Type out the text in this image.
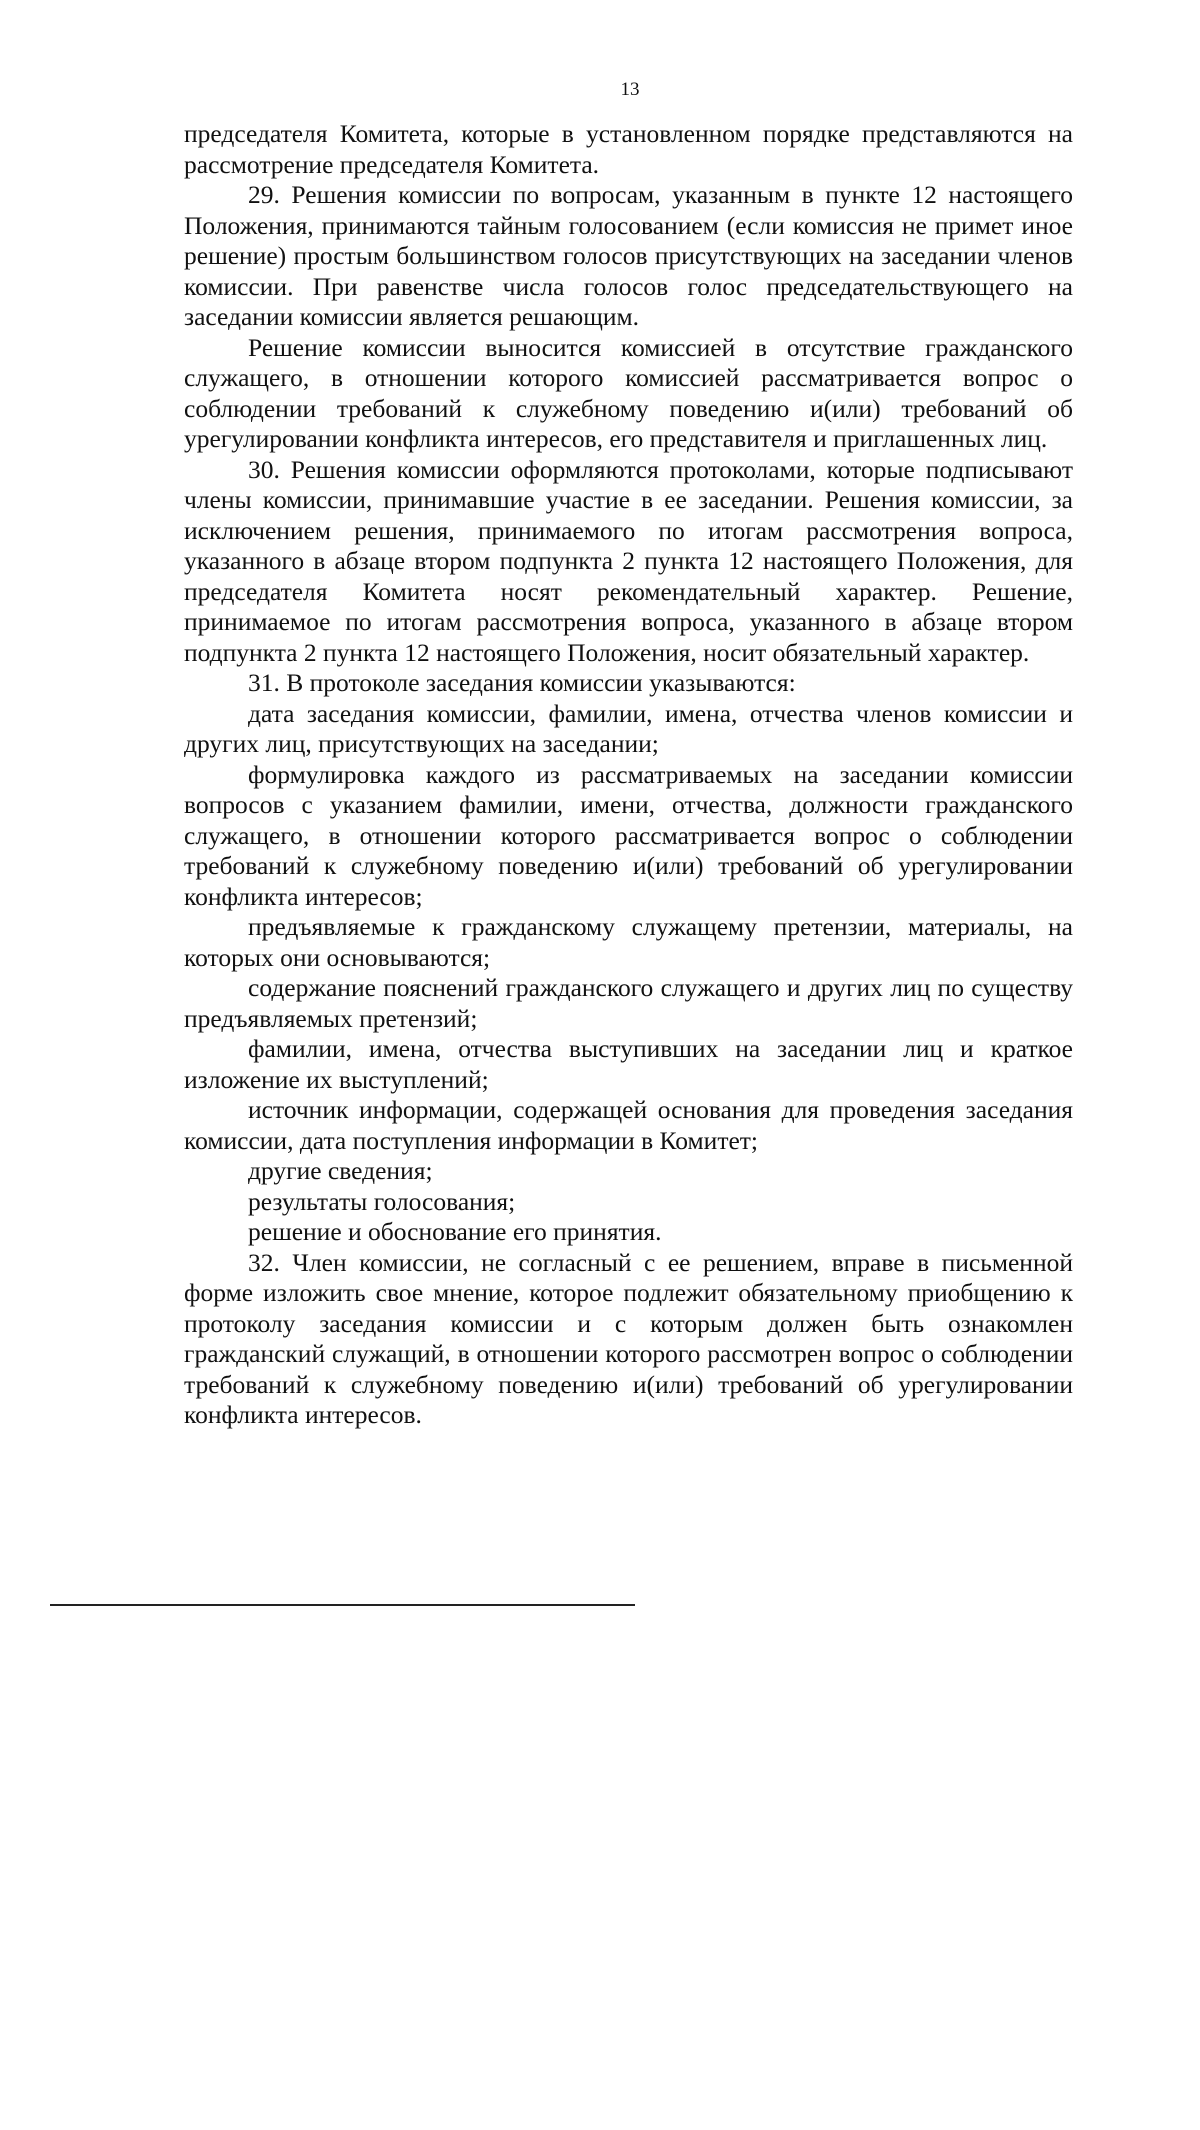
13

председателя Комитета, которые в установленном порядке представляются на рассмотрение председателя Комитета.

29. Решения комиссии по вопросам, указанным в пункте 12 настоящего Положения, принимаются тайным голосованием (если комиссия не примет иное решение) простым большинством голосов присутствующих на заседании членов комиссии. При равенстве числа голосов голос председательствующего на заседании комиссии является решающим.

Решение комиссии выносится комиссией в отсутствие гражданского служащего, в отношении которого комиссией рассматривается вопрос о соблюдении требований к служебному поведению и(или) требований об урегулировании конфликта интересов, его представителя и приглашенных лиц.

30. Решения комиссии оформляются протоколами, которые подписывают члены комиссии, принимавшие участие в ее заседании. Решения комиссии, за исключением решения, принимаемого по итогам рассмотрения вопроса, указанного в абзаце втором подпункта 2 пункта 12 настоящего Положения, для председателя Комитета носят рекомендательный характер. Решение, принимаемое по итогам рассмотрения вопроса, указанного в абзаце втором подпункта 2 пункта 12 настоящего Положения, носит обязательный характер.

31. В протоколе заседания комиссии указываются:

дата заседания комиссии, фамилии, имена, отчества членов комиссии и других лиц, присутствующих на заседании;

формулировка каждого из рассматриваемых на заседании комиссии вопросов с указанием фамилии, имени, отчества, должности гражданского служащего, в отношении которого рассматривается вопрос о соблюдении требований к служебному поведению и(или) требований об урегулировании конфликта интересов;

предъявляемые к гражданскому служащему претензии, материалы, на которых они основываются;

содержание пояснений гражданского служащего и других лиц по существу предъявляемых претензий;

фамилии, имена, отчества выступивших на заседании лиц и краткое изложение их выступлений;

источник информации, содержащей основания для проведения заседания комиссии, дата поступления информации в Комитет;

другие сведения;

результаты голосования;

решение и обоснование его принятия.

32. Член комиссии, не согласный с ее решением, вправе в письменной форме изложить свое мнение, которое подлежит обязательному приобщению к протоколу заседания комиссии и с которым должен быть ознакомлен гражданский служащий, в отношении которого рассмотрен вопрос о соблюдении требований к служебному поведению и(или) требований об урегулировании конфликта интересов.
